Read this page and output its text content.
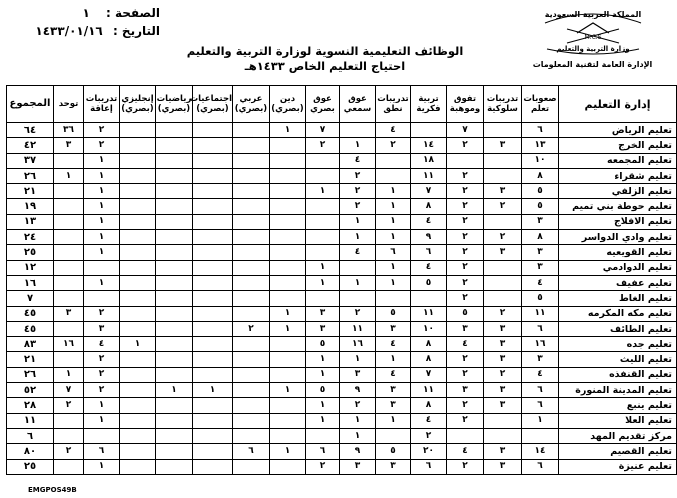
المملكة العربية السعودية
M.C.S
وزارة التربية والتعليم
الإدارة العامة لتقنية المعلومات
الصفحة : ١
التاريخ : ١٤٣٣/٠١/١٦
الوظائف التعليمية النسوية لوزارة التربية والتعليم
احتياج التعليم الخاص ١٤٣٣هـ
إدارة التعليم	صعوبات تعلم	تدريبات سلوكية	تفوق وموهبة	تربية فكرية	تدريبات نطق	عوق سمعي	عوق بصري	دين (بصري)	عربي (بصري)	اجتماعيات (بصري)	رياضيات (بصري)	إنجليزي (بصري)	تدريبات إعاقة	توحد	المجموع
تعليم الرياض	٦		٧		٤		٧	١					٢	٣٦	٦٤
تعليم الخرج	١٣	٣	٢	١٤	٢	١	٢						٢	٣	٤٢
تعليم المجمعه	١٠			١٨		٤							١		٣٧
تعليم شقراء	٨		٢	١١		٢							١	١	٢٦
تعليم الزلفي	٥	٣	٢	٧	١	٢	١						١		٢١
تعليم حوطة بني تميم	٥	٢	٢	٨	١	٢							١		١٩
تعليم الافلاج	٣		٢	٤	١	١							١		١٣
تعليم وادي الدواسر	٨	٢	٢	٩	١	١							١		٢٤
تعليم القويعيه	٣	٣	٢	٦	٦	٤							١		٢٥
تعليم الدوادمي	٣		٢	٤	١		١								١٢
تعليم عفيف	٤		٢	٥	١	١	١						١		١٦
تعليم الغاط	٥		٢												٧
تعليم مكه المكرمه	١١	٢	٥	١١	٥	٢	٣	١					٢	٣	٤٥
تعليم الطائف	٦	٣	٣	١٠	٣	١١	٣	١	٢				٣		٤٥
تعليم جده	١٦	٣	٤	٨	٤	١٦	٥					١	٤	١٦	٨٣
تعليم الليث	٣	٣	٢	٨	١	١	١						٢		٢١
تعليم القنفذه	٤	٢	٢	٧	٤	٣	١						٢	١	٢٦
تعليم المدينة المنورة	٦	٣	٣	١١	٣	٩	٥	١		١	١		٢	٧	٥٢
تعليم ينبع	٦	٣	٢	٨	٣	٢	١						١	٢	٢٨
تعليم العلا	١		٢	٤	١	١	١						١		١١
مركز تقديم المهد				٢		١									٦
تعليم القصيم	١٤	٣	٤	٢٠	٥	٩	٦	١	٦				٦	٢	٨٠
تعليم عنيزة	٦	٣	٢	٦	٣	٣	٢						١		٢٥
EMGPOS49B
